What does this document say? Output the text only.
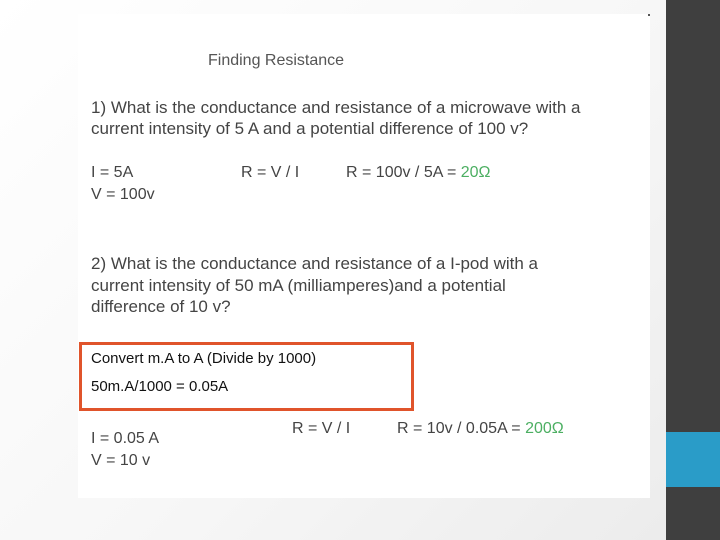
Finding Resistance
1) What is the conductance and resistance of a microwave with a
current intensity of 5 A and a potential difference of 100 v?
I = 5A
V = 100v
R = V / I	R = 100v / 5A = 20Ω
2) What is the conductance and resistance of a I-pod with a
current intensity of 50 mA (milliamperes)and a potential
difference of 10 v?
Convert m.A to A (Divide by 1000)
50m.A/1000 = 0.05A
I = 0.05 A
V = 10 v
R = V / I	R = 10v / 0.05A = 200Ω
